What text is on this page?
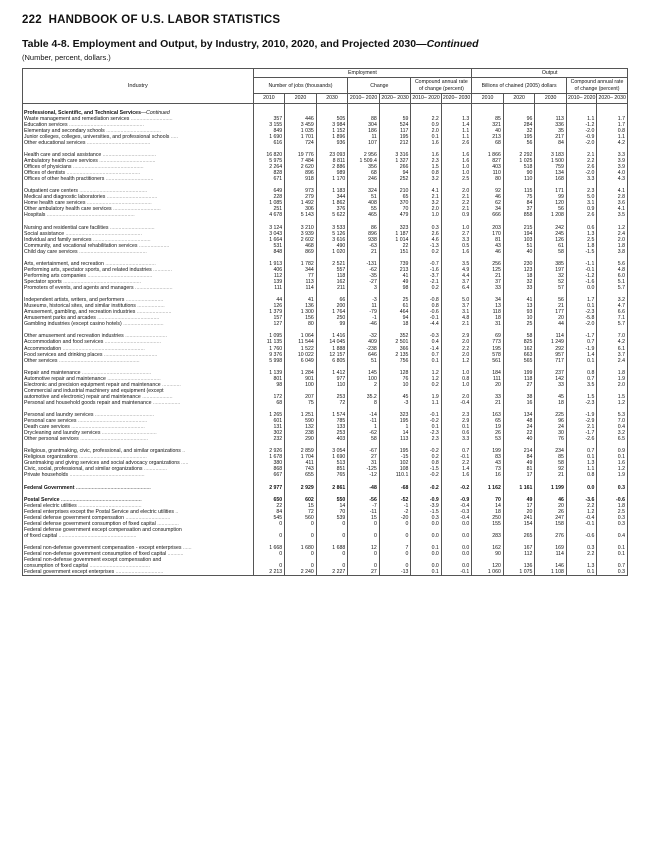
222 HANDBOOK OF U.S. LABOR STATISTICS
Table 4-8. Employment and Output, by Industry, 2010, 2020, and Projected 2030—Continued
(Number, percent, dollars.)
Industry	Employment							Output				
	Number of jobs (thousands)			Change		Compound annual rate of change (percent)		Billions of chained (2005) dollars			Compound annual rate of change (percent)	
	2010	2020	2030	2010– 2020	2020– 2030	2010– 2020	2020– 2030	2010	2020	2030	2010– 2020	2020– 2030

Professional, Scientific, and Technical Services—Continued												
Waste management and remediation services .............................	357	446	505	88	59	2.2	1.3	85	96	113	1.1	1.7
Education services ....................................................	3 155	3 459	3 984	304	524	0.9	1.4	321	284	336	-1.2	1.7
Elementary and secondary schools ......................................	849	1 035	1 152	186	117	2.0	1.1	40	32	35	-2.0	0.8
Junior colleges, colleges, universities, and professional schools .....	1 690	1 701	1 896	11	195	0.1	1.1	213	195	217	-0.9	1.1
Other educational services ............................................	616	724	936	107	212	1.6	2.6	68	56	84	-2.0	4.2

Health care and social assistance .....................................	16 820	19 776	23 093	2 956	3 316	1.6	1.6	1 866	2 292	3 183	2.1	3.3
Ambulatory health care services .......................................	5 975	7 484	8 811	1 509.4	1 327	2.3	1.6	827	1 025	1 500	2.2	3.9
Offices of physicians .................................................	2 264	2 620	2 886	356	266	1.5	1.0	403	518	759	2.6	3.9
Offices of dentists ...................................................	828	896	989	68	94	0.8	1.0	110	90	134	-2.0	4.0
Offices of other health practitioners .................................	671	918	1 170	246	252	3.2	2.5	80	110	168	3.3	4.3

Outpatient care centers ...............................................	649	973	1 183	324	210	4.1	2.0	92	115	171	2.3	4.1
Medical and diagnostic laboratories ...................................	228	279	344	51	65	2.1	2.1	46	75	99	5.0	2.8
Home health care services .............................................	1 085	1 492	1 862	408	370	3.2	2.2	62	84	120	3.1	3.6
Other ambulatory health care services .................................	251	306	376	55	70	2.0	2.1	34	37	56	0.9	4.1
Hospitals .............................................................	4 678	5 143	5 622	465	479	1.0	0.9	666	858	1 208	2.6	3.5

Nursing and residential care facilities ...............................	3 124	3 210	3 533	86	323	0.3	1.0	203	215	242	0.6	1.2
Social assistance .....................................................	3 043	3 939	5 126	896	1 187	2.6	2.7	170	194	245	1.3	2.4
Individual and family services ........................................	1 664	2 602	3 616	938	1 014	4.6	3.3	81	103	126	2.5	2.0
Community, and vocational rehabilitation services .....................	531	468	490	-63	22	-1.3	0.5	43	51	61	1.8	1.8
Child day care services ...............................................	848	869	1 020	21	151	0.2	1.6	46	40	58	-1.5	3.8

Arts, entertainment, and recreation ...................................	1 913	1 782	2 521	-131	739	-0.7	3.5	256	230	385	-1.1	5.6
Performing arts, spectator sports, and related industries .............	406	344	557	-62	213	-1.6	4.9	125	123	197	-0.1	4.8
Performing arts companies .............................................	112	77	118	-35	41	-3.7	4.4	21	18	32	-1.2	6.0
Spectator sports ......................................................	139	113	162	-27	49	-2.1	3.7	37	32	52	-1.6	5.1
Promoters of events, and agents and managers ..........................	111	114	211	3	98	0.2	6.4	33	33	57	0.0	5.7

Independent artists, writers, and performers ..........................	44	41	66	-3	25	-0.8	5.0	34	41	56	1.7	3.2
Museums, historical sites, and similar institutions ...................	126	136	200	11	61	0.8	3.7	13	13	21	0.1	4.7
Amusement, gambling, and recreation industries ........................	1 379	1 300	1 764	-79	464	-0.6	3.1	118	93	177	-2.3	6.6
Amusement parks and arcades ...........................................	157	156	250	-1	94	-0.1	4.8	18	10	20	-5.8	7.1
Gambling industries (except casino hotels) ............................	127	80	99	-46	18	-4.4	2.1	31	25	44	-2.0	5.7

Other amusement and recreation industries .............................	1 095	1 064	1 416	-32	352	-0.3	2.9	69	58	114	-1.7	7.0
Accommodation and food services .......................................	11 135	11 544	14 045	409	2 501	0.4	2.0	773	825	1 249	0.7	4.2
Accommodation .........................................................	1 760	1 522	1 888	-238	366	-1.4	2.2	195	162	292	-1.9	6.1
Food services and drinking places .....................................	9 376	10 022	12 157	646	2 135	0.7	2.0	578	663	957	1.4	3.7
Other services ........................................................	5 998	6 049	6 805	51	756	0.1	1.2	561	565	717	0.1	2.4

Repair and maintenance ................................................	1 139	1 284	1 412	145	128	1.2	1.0	184	199	237	0.8	1.8
Automotive repair and maintenance .....................................	801	901	977	100	76	1.2	0.8	111	118	142	0.7	1.9
Electronic and precision equipment repair and maintenance .............	98	100	110	2	10	0.2	1.0	20	27	33	3.5	2.0
Commercial and industrial machinery and equipment (except												
automotive and electronic) repair and maintenance .....................	172	207	253	35.2	45	1.9	2.0	33	38	45	1.5	1.5
Personal and household goods repair and maintenance ...................	68	75	72	8	-3	1.1	-0.4	21	16	18	-2.3	1.2

Personal and laundry services .........................................	1 265	1 251	1 574	-14	323	-0.1	2.3	163	134	225	-1.9	5.3
Personal care services ................................................	601	590	785	-11	195	-0.2	2.9	65	48	96	-2.9	7.0
Death care services ...................................................	131	132	133	1	1	0.1	0.1	19	24	24	2.1	0.4
Drycleaning and laundry services ......................................	302	238	253	-62	14	-2.3	0.6	26	22	30	-1.7	3.2
Other personal services ...............................................	232	290	403	58	113	2.3	3.3	53	40	76	-2.6	6.5

Religious, grantmaking, civic, professional, and similar organizations ..	2 926	2 859	3 054	-67	195	-0.2	0.7	199	214	234	0.7	0.9
Religious organizations ...............................................	1 678	1 704	1 690	27	-15	0.2	-0.1	83	84	85	0.1	0.1
Grantmaking and giving services and social advocacy organizations .....	380	411	513	31	102	0.8	2.2	43	49	58	1.3	1.6
Civic, social, professional, and similar organizations ................	868	743	851	-125	108	-1.5	1.4	73	81	92	1.1	1.2
Private households ....................................................	667	655	765	-12	110.1	-0.2	1.6	16	17	21	0.8	1.9

Federal Government ....................................................	2 977	2 929	2 861	-48	-68	-0.2	-0.2	1 162	1 161	1 199	0.0	0.3

Postal Service ........................................................	650	602	550	-56	-52	-0.9	-0.9	70	49	46	-3.6	-0.6
Federal electric utilities ............................................	22	15	14	-7	-1	-3.9	-0.4	14	17	20	2.2	1.8
Federal enterprises except the Postal Service and electric utilities ..	84	72	70	-11	-2	-1.5	-0.3	18	20	26	1.2	2.5
Federal defense government compensation ...............................	545	560	539	15	-20	0.3	-0.4	250	241	247	-0.4	0.3
Federal defense government consumption of fixed capital ...............	0	0	0	0	0	0.0	0.0	155	154	158	-0.1	0.3
Federal defense government except compensation and consumption												
of fixed capital ......................................................	0	0	0	0	0	0.0	0.0	283	265	276	-0.6	0.4

Federal non-defense government compensation - except enterprises ......	1 668	1 680	1 688	12	7	0.1	0.0	162	167	169	0.3	0.1
Federal non-defense government consumption of fixed capital ...........	0	0	0	0	0	0.0	0.0	90	112	114	2.2	0.1
Federal non-defense government except compensation and												
consumption of fixed capital ..........................................	0	0	0	0	0	0.0	0.0	120	136	146	1.3	0.7
Federal government except enterprises .................................	2 213	2 240	2 227	27	-13	0.1	-0.1	1 060	1 075	1 108	0.1	0.3
